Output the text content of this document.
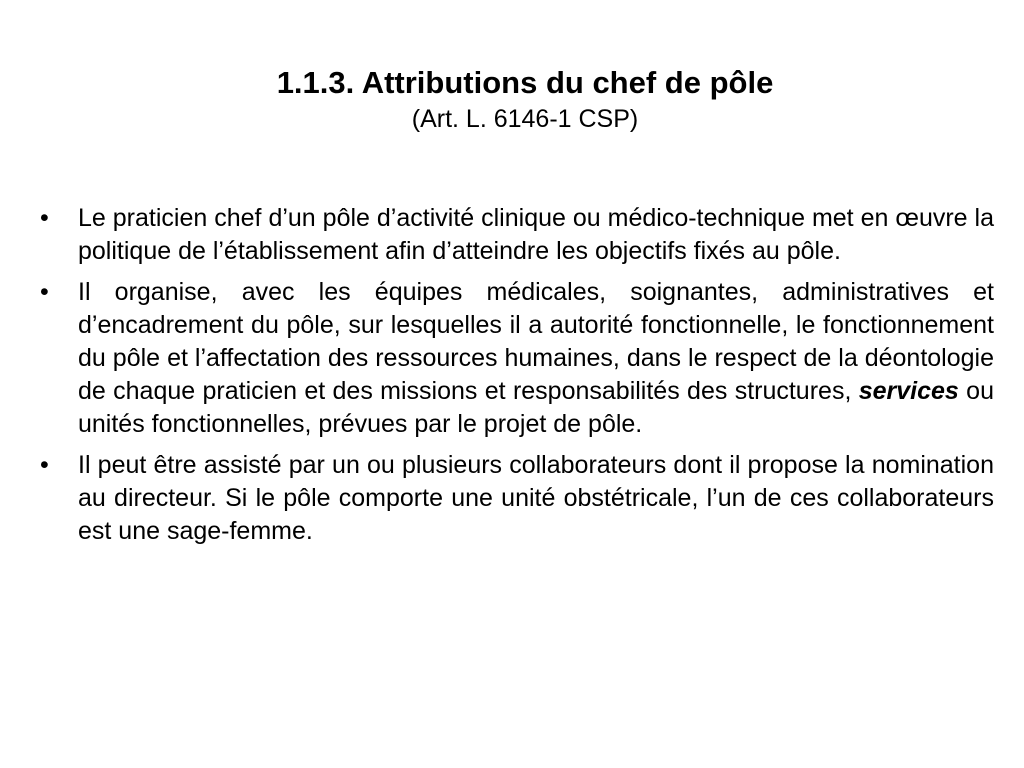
1.1.3. Attributions du chef de pôle

(Art. L. 6146-1 CSP)

• Le praticien chef d’un pôle d’activité clinique ou médico-technique met en œuvre la politique de l’établissement afin d’atteindre les objectifs fixés au pôle.
• Il organise, avec les équipes médicales, soignantes, administratives et d’encadrement du pôle, sur lesquelles il a autorité fonctionnelle, le fonctionnement du pôle et l’affectation des ressources humaines, dans le respect de la déontologie de chaque praticien et des missions et responsabilités des structures, services ou unités fonctionnelles, prévues par le projet de pôle.
• Il peut être assisté par un ou plusieurs collaborateurs dont il propose la nomination au directeur. Si le pôle comporte une unité obstétricale, l’un de ces collaborateurs est une sage-femme.
